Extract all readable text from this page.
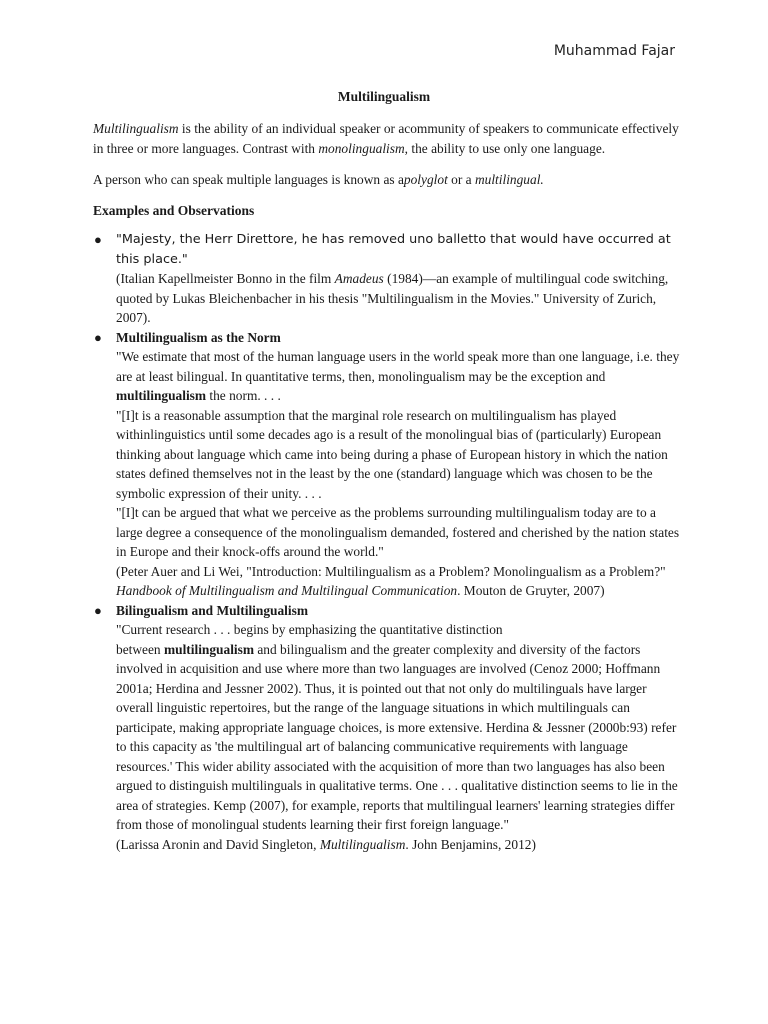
Muhammad Fajar
Multilingualism

Multilingualism is the ability of an individual speaker or acommunity of speakers to communicate effectively in three or more languages. Contrast with monolingualism, the ability to use only one language.

A person who can speak multiple languages is known as apolyglot or a multilingual.

Examples and Observations

● "Majesty, the Herr Direttore, he has removed uno balletto that would have occurred at this place."
(Italian Kapellmeister Bonno in the film Amadeus (1984)—an example of multilingual code switching, quoted by Lukas Bleichenbacher in his thesis "Multilingualism in the Movies." University of Zurich, 2007).
● Multilingualism as the Norm
"We estimate that most of the human language users in the world speak more than one language, i.e. they are at least bilingual. In quantitative terms, then, monolingualism may be the exception and multilingualism the norm. . . .
"[I]t is a reasonable assumption that the marginal role research on multilingualism has played withinlinguistics until some decades ago is a result of the monolingual bias of (particularly) European thinking about language which came into being during a phase of European history in which the nation states defined themselves not in the least by the one (standard) language which was chosen to be the symbolic expression of their unity. . . .
"[I]t can be argued that what we perceive as the problems surrounding multilingualism today are to a large degree a consequence of the monolingualism demanded, fostered and cherished by the nation states in Europe and their knock-offs around the world."
(Peter Auer and Li Wei, "Introduction: Multilingualism as a Problem? Monolingualism as a Problem?" Handbook of Multilingualism and Multilingual Communication. Mouton de Gruyter, 2007)
● Bilingualism and Multilingualism
"Current research . . . begins by emphasizing the quantitative distinction
between multilingualism and bilingualism and the greater complexity and diversity of the factors involved in acquisition and use where more than two languages are involved (Cenoz 2000; Hoffmann 2001a; Herdina and Jessner 2002). Thus, it is pointed out that not only do multilinguals have larger overall linguistic repertoires, but the range of the language situations in which multilinguals can participate, making appropriate language choices, is more extensive. Herdina & Jessner (2000b:93) refer to this capacity as 'the multilingual art of balancing communicative requirements with language resources.' This wider ability associated with the acquisition of more than two languages has also been argued to distinguish multilinguals in qualitative terms. One . . . qualitative distinction seems to lie in the area of strategies. Kemp (2007), for example, reports that multilingual learners' learning strategies differ from those of monolingual students learning their first foreign language."
(Larissa Aronin and David Singleton, Multilingualism. John Benjamins, 2012)
